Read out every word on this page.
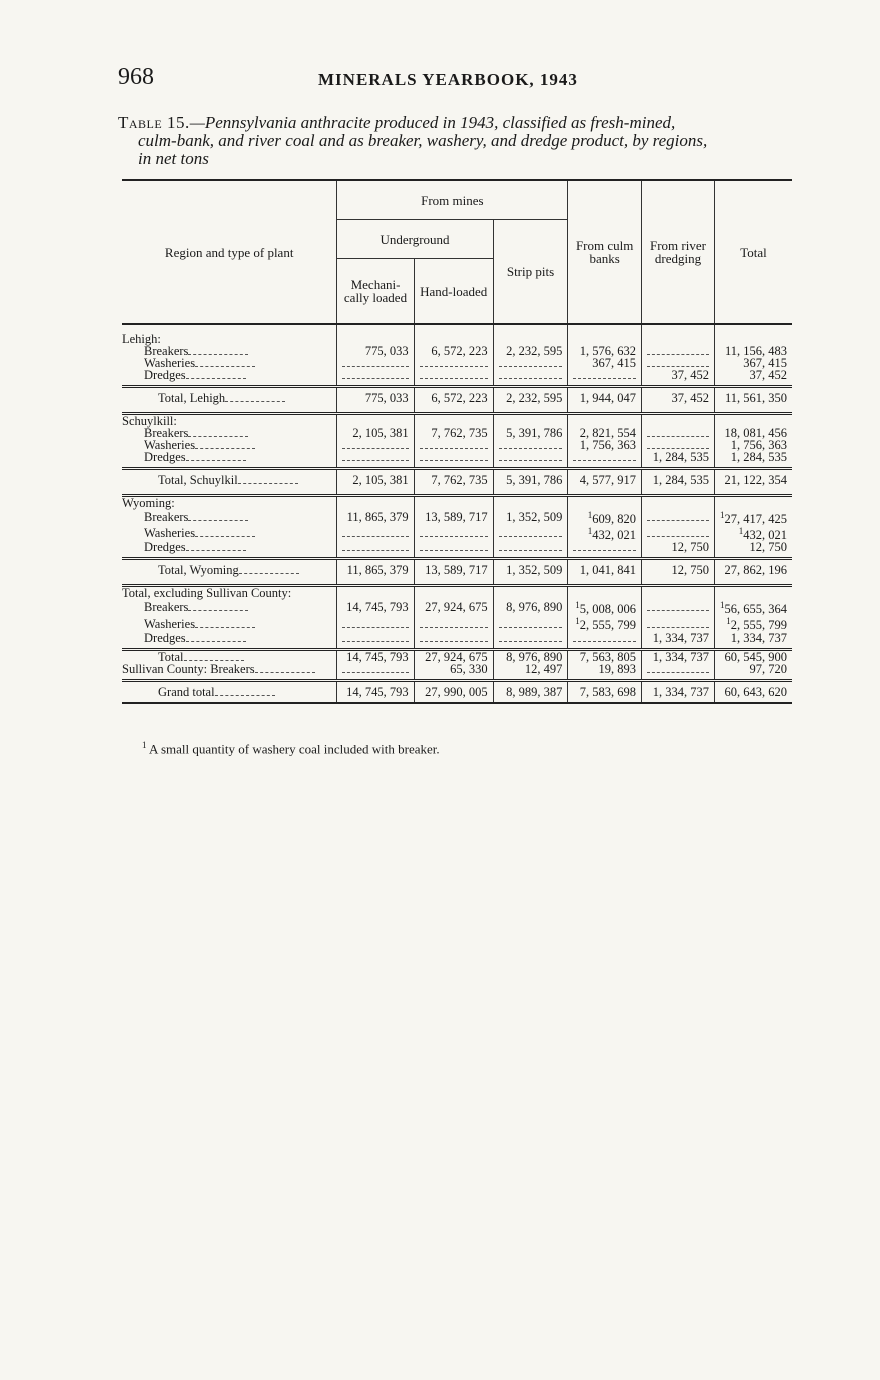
968	MINERALS YEARBOOK, 1943
Table 15.—Pennsylvania anthracite produced in 1943, classified as fresh-mined,
culm-bank, and river coal and as breaker, washery, and dredge product, by regions,
in net tons
Region and type of plant	From mines			From culm banks	From river dredging	Total
	Underground		Strip pits			
	Mechani-cally loaded	Hand-loaded				

Lehigh:						
Breakers	775, 033	6, 572, 223	2, 232, 595	1, 576, 632		11, 156, 483
Washeries				367, 415		367, 415
Dredges					37, 452	37, 452

Total, Lehigh	775, 033	6, 572, 223	2, 232, 595	1, 944, 047	37, 452	11, 561, 350

Schuylkill:						
Breakers	2, 105, 381	7, 762, 735	5, 391, 786	2, 821, 554		18, 081, 456
Washeries				1, 756, 363		1, 756, 363
Dredges					1, 284, 535	1, 284, 535

Total, Schuylkil	2, 105, 381	7, 762, 735	5, 391, 786	4, 577, 917	1, 284, 535	21, 122, 354

Wyoming:						
Breakers	11, 865, 379	13, 589, 717	1, 352, 509	$^1$609, 820		$^1$27, 417, 425
Washeries				$^1$432, 021		$^1$432, 021
Dredges					12, 750	12, 750

Total, Wyoming	11, 865, 379	13, 589, 717	1, 352, 509	1, 041, 841	12, 750	27, 862, 196

Total, excluding Sullivan County:						
Breakers	14, 745, 793	27, 924, 675	8, 976, 890	$^1$5, 008, 006		$^1$56, 655, 364
Washeries				$^1$2, 555, 799		$^1$2, 555, 799
Dredges					1, 334, 737	1, 334, 737

Total	14, 745, 793	27, 924, 675	8, 976, 890	7, 563, 805	1, 334, 737	60, 545, 900
Sullivan County: Breakers		65, 330	12, 497	19, 893		97, 720

Grand total	14, 745, 793	27, 990, 005	8, 989, 387	7, 583, 698	1, 334, 737	60, 643, 620
$^1$ A small quantity of washery coal included with breaker.
